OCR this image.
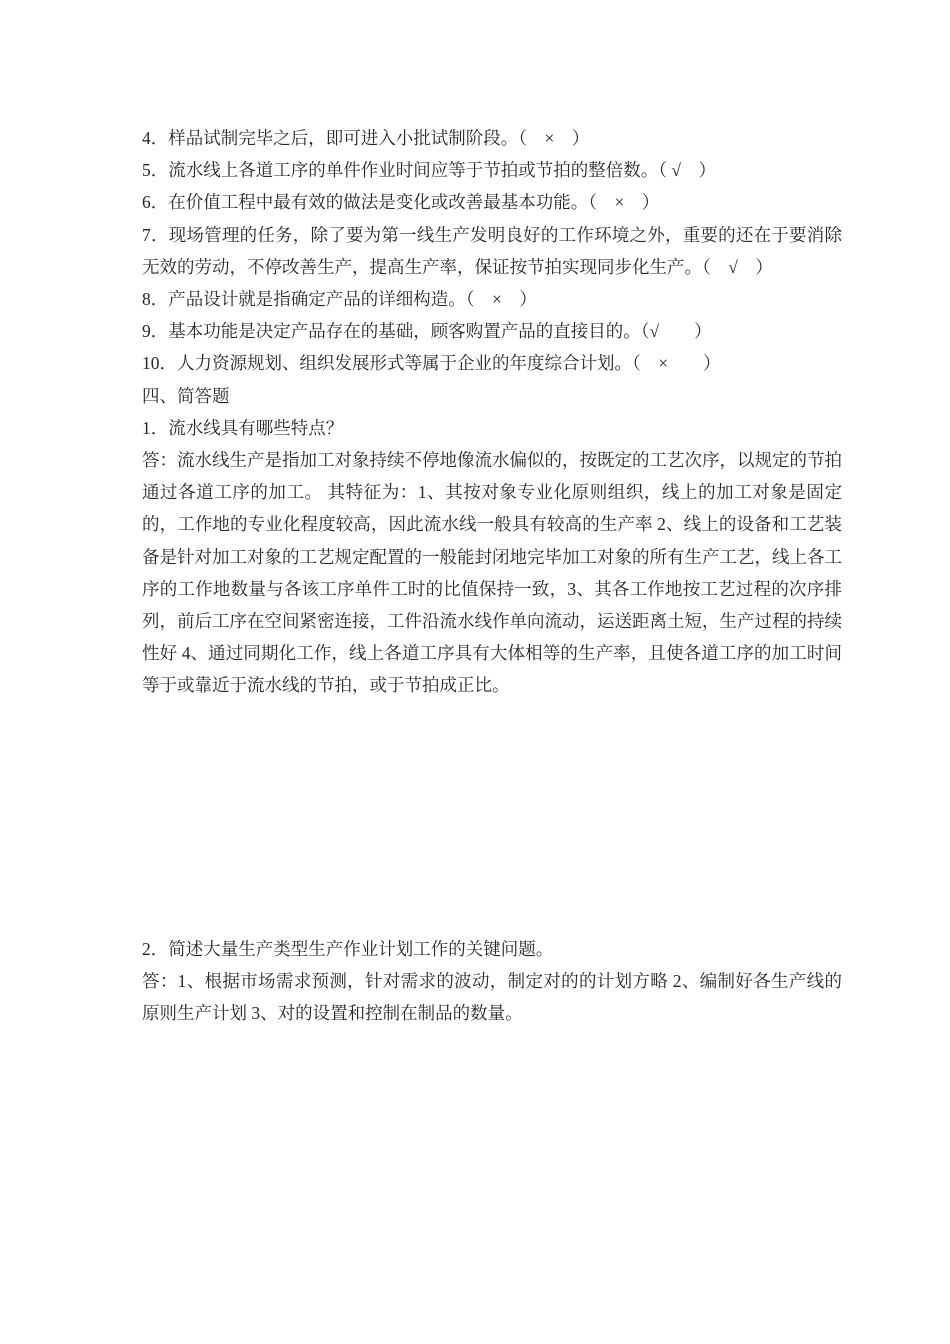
4．样品试制完毕之后，即可进入小批试制阶段。（　×　）

5．流水线上各道工序的单件作业时间应等于节拍或节拍的整倍数。（ √　）

6．在价值工程中最有效的做法是变化或改善最基本功能。（　×　）

7．现场管理的任务，除了要为第一线生产发明良好的工作环境之外，重要的还在于要消除无效的劳动，不停改善生产，提高生产率，保证按节拍实现同步化生产。（　√　）

8．产品设计就是指确定产品的详细构造。（　×　）

9．基本功能是决定产品存在的基础，顾客购置产品的直接目的。（√　　）

10．人力资源规划、组织发展形式等属于企业的年度综合计划。（　×　　）

四、简答题

1．流水线具有哪些特点？

答：流水线生产是指加工对象持续不停地像流水偏似的，按既定的工艺次序，以规定的节拍通过各道工序的加工。 其特征为：1、其按对象专业化原则组织，线上的加工对象是固定的，工作地的专业化程度较高，因此流水线一般具有较高的生产率 2、线上的设备和工艺装备是针对加工对象的工艺规定配置的一般能封闭地完毕加工对象的所有生产工艺，线上各工序的工作地数量与各该工序单件工时的比值保持一致，3、其各工作地按工艺过程的次序排列，前后工序在空间紧密连接，工件沿流水线作单向流动，运送距离土短，生产过程的持续性好 4、通过同期化工作，线上各道工序具有大体相等的生产率，且使各道工序的加工时间等于或靠近于流水线的节拍，或于节拍成正比。

2．简述大量生产类型生产作业计划工作的关键问题。

答：1、根据市场需求预测，针对需求的波动，制定对的的计划方略 2、编制好各生产线的原则生产计划 3、对的设置和控制在制品的数量。
